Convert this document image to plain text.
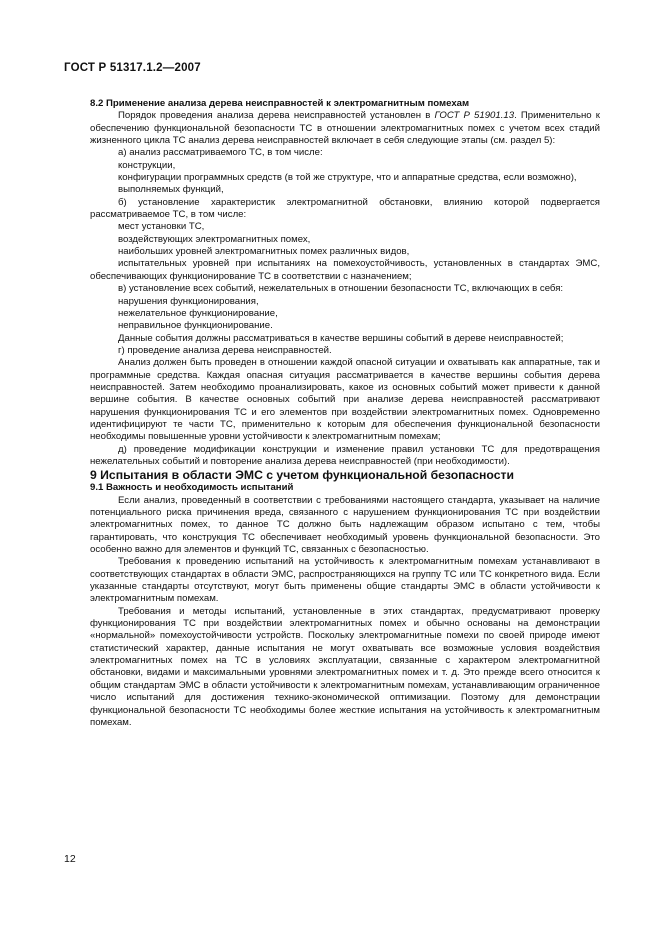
ГОСТ Р 51317.1.2—2007

8.2 Применение анализа дерева неисправностей к электромагнитным помехам

Порядок проведения анализа дерева неисправностей установлен в ГОСТ Р 51901.13. Применительно к обеспечению функциональной безопасности ТС в отношении электромагнитных помех с учетом всех стадий жизненного цикла ТС анализ дерева неисправностей включает в себя следующие этапы (см. раздел 5):

а) анализ рассматриваемого ТС, в том числе:

конструкции,

конфигурации программных средств (в той же структуре, что и аппаратные средства, если возможно),

выполняемых функций,

б) установление характеристик электромагнитной обстановки, влиянию которой подвергается рассматриваемое ТС, в том числе:

мест установки ТС,

воздействующих электромагнитных помех,

наибольших уровней электромагнитных помех различных видов,

испытательных уровней при испытаниях на помехоустойчивость, установленных в стандартах ЭМС, обеспечивающих функционирование ТС в соответствии с назначением;

в) установление всех событий, нежелательных в отношении безопасности ТС, включающих в себя:

нарушения функционирования,

нежелательное функционирование,

неправильное функционирование.

Данные события должны рассматриваться в качестве вершины событий в дереве неисправностей;

г) проведение анализа дерева неисправностей.

Анализ должен быть проведен в отношении каждой опасной ситуации и охватывать как аппаратные, так и программные средства. Каждая опасная ситуация рассматривается в качестве вершины события дерева неисправностей. Затем необходимо проанализировать, какое из основных событий может привести к данной вершине события. В качестве основных событий при анализе дерева неисправностей рассматривают нарушения функционирования ТС и его элементов при воздействии электромагнитных помех. Одновременно идентифицируют те части ТС, применительно к которым для обеспечения функциональной безопасности необходимы повышенные уровни устойчивости к электромагнитным помехам;

д) проведение модификации конструкции и изменение правил установки ТС для предотвращения нежелательных событий и повторение анализа дерева неисправностей (при необходимости).

9 Испытания в области ЭМС с учетом функциональной безопасности

9.1 Важность и необходимость испытаний

Если анализ, проведенный в соответствии с требованиями настоящего стандарта, указывает на наличие потенциального риска причинения вреда, связанного с нарушением функционирования ТС при воздействии электромагнитных помех, то данное ТС должно быть надлежащим образом испытано с тем, чтобы гарантировать, что конструкция ТС обеспечивает необходимый уровень функциональной безопасности. Это особенно важно для элементов и функций ТС, связанных с безопасностью.

Требования к проведению испытаний на устойчивость к электромагнитным помехам устанавливают в соответствующих стандартах в области ЭМС, распространяющихся на группу ТС или ТС конкретного вида. Если указанные стандарты отсутствуют, могут быть применены общие стандарты ЭМС в области устойчивости к электромагнитным помехам.

Требования и методы испытаний, установленные в этих стандартах, предусматривают проверку функционирования ТС при воздействии электромагнитных помех и обычно основаны на демонстрации «нормальной» помехоустойчивости устройств. Поскольку электромагнитные помехи по своей природе имеют статистический характер, данные испытания не могут охватывать все возможные условия воздействия электромагнитных помех на ТС в условиях эксплуатации, связанные с характером электромагнитной обстановки, видами и максимальными уровнями электромагнитных помех и т. д. Это прежде всего относится к общим стандартам ЭМС в области устойчивости к электромагнитным помехам, устанавливающим ограниченное число испытаний для достижения технико-экономической оптимизации. Поэтому для демонстрации функциональной безопасности ТС необходимы более жесткие испытания на устойчивость к электромагнитным помехам.

12
